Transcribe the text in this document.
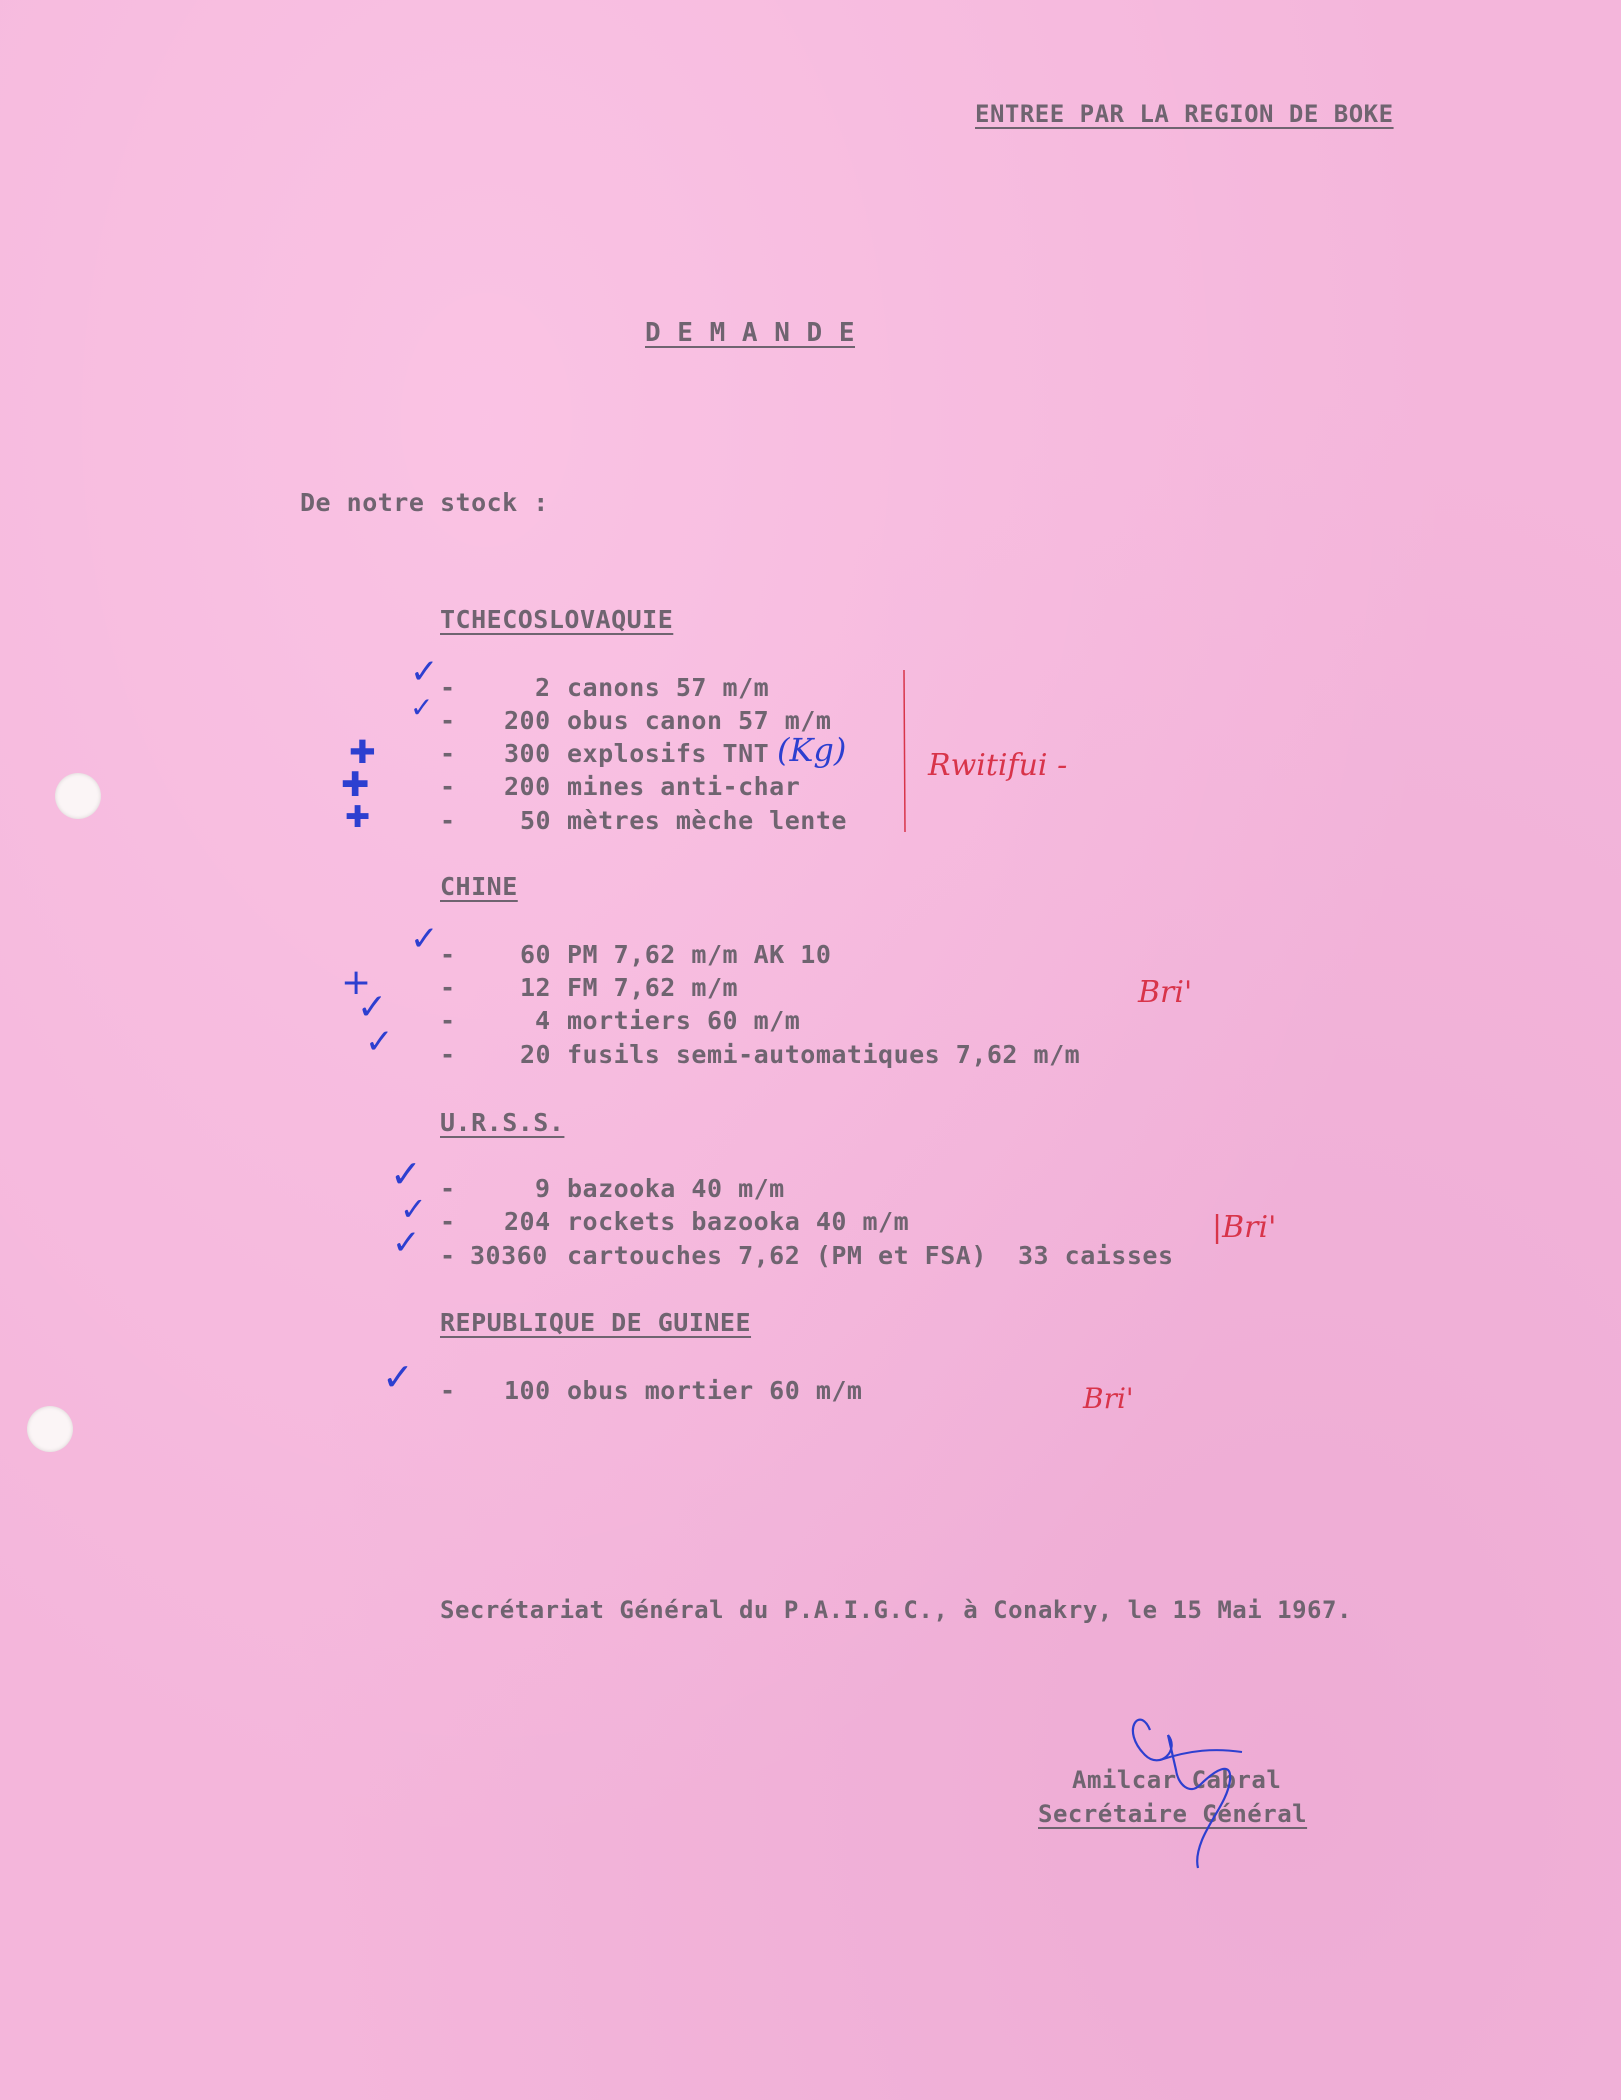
ENTREE PAR LA REGION DE BOKE
D E M A N D E
De notre stock :
TCHECOSLOVAQUIE
✓ -	2 canons 57 m/m
✓ - 200 obus canon 57 m/m
✚	- 300 explosifs TNT (Kg)
✚	- 200 mines anti-char
✚	-	50 mètres mèche lente
Rwitifui -
CHINE
✓ -	60 PM 7,62 m/m AK 10
+	-	12 FM 7,62 m/m	Bri'
✓ -	4 mortiers 60 m/m
✓ -	20 fusils semi-automatiques 7,62 m/m
U.R.S.S.
✓ -	9 bazooka 40 m/m
✓ - 204 rockets bazooka 40 m/m
✓ - 30360 cartouches 7,62 (PM et FSA)  33 caisses
|Bri'
REPUBLIQUE DE GUINEE
✓ - 100 obus mortier 60 m/m	Bri'
Secrétariat Général du P.A.I.G.C., à Conakry, le 15 Mai 1967.
Amilcar Cabral
Secrétaire Général
